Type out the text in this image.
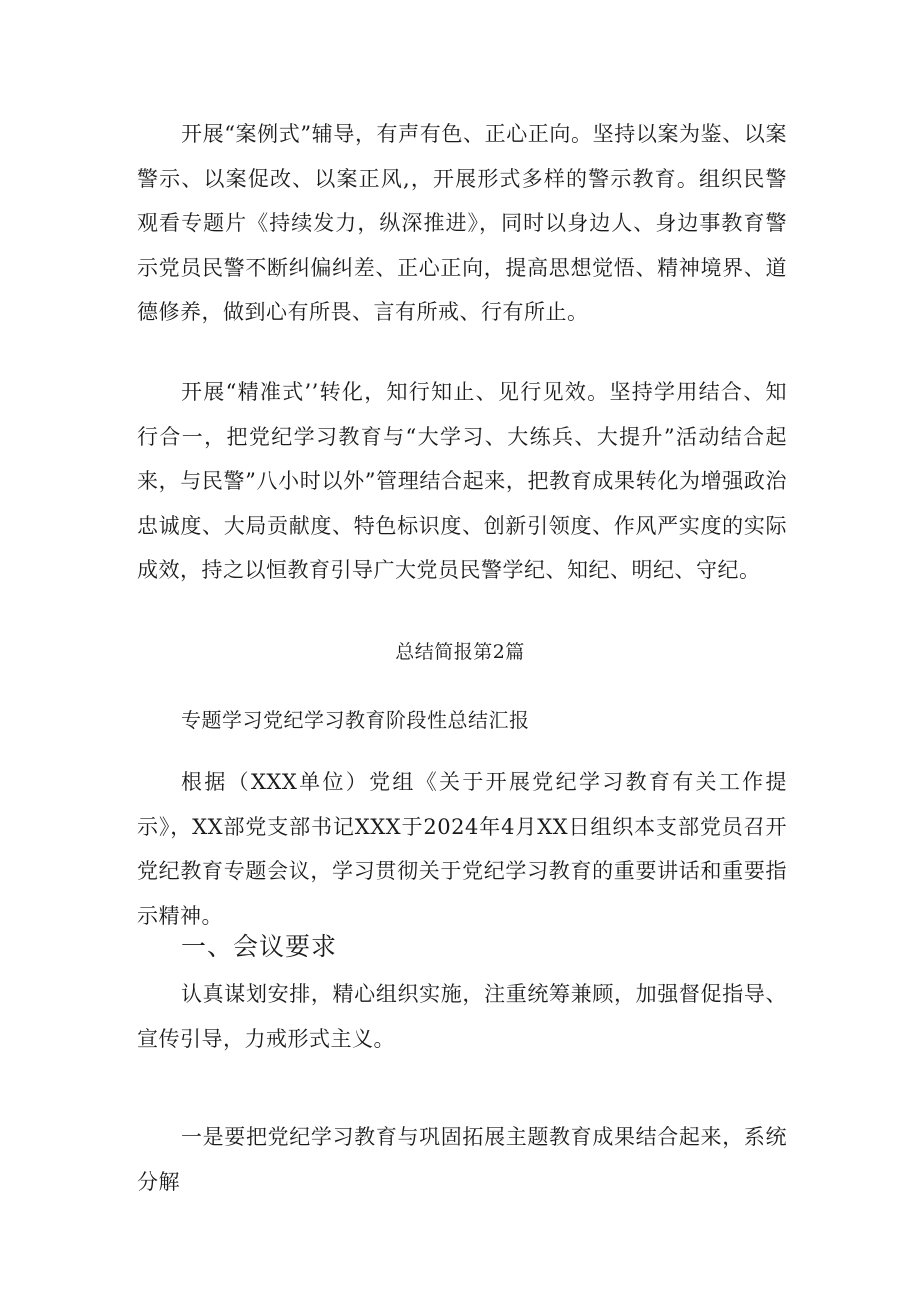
开展“案例式”辅导，有声有色、正心正向。坚持以案为鉴、以案警示、以案促改、以案正风,，开展形式多样的警示教育。组织民警观看专题片《持续发力，纵深推进》，同时以身边人、身边事教育警示党员民警不断纠偏纠差、正心正向，提高思想觉悟、精神境界、道德修养，做到心有所畏、言有所戒、行有所止。

开展“精准式’’转化，知行知止、见行见效。坚持学用结合、知行合一，把党纪学习教育与“大学习、大练兵、大提升”活动结合起来，与民警”八小时以外”管理结合起来，把教育成果转化为增强政治忠诚度、大局贡献度、特色标识度、创新引领度、作风严实度的实际成效，持之以恒教育引导广大党员民警学纪、知纪、明纪、守纪。

总结简报第2篇
专题学习党纪学习教育阶段性总结汇报

根据（XXX单位）党组《关于开展党纪学习教育有关工作提示》，XX部党支部书记XXX于2024年4月XX日组织本支部党员召开党纪教育专题会议，学习贯彻关于党纪学习教育的重要讲话和重要指示精神。

一、会议要求

认真谋划安排，精心组织实施，注重统筹兼顾，加强督促指导、宣传引导，力戒形式主义。

一是要把党纪学习教育与巩固拓展主题教育成果结合起来，系统分解
